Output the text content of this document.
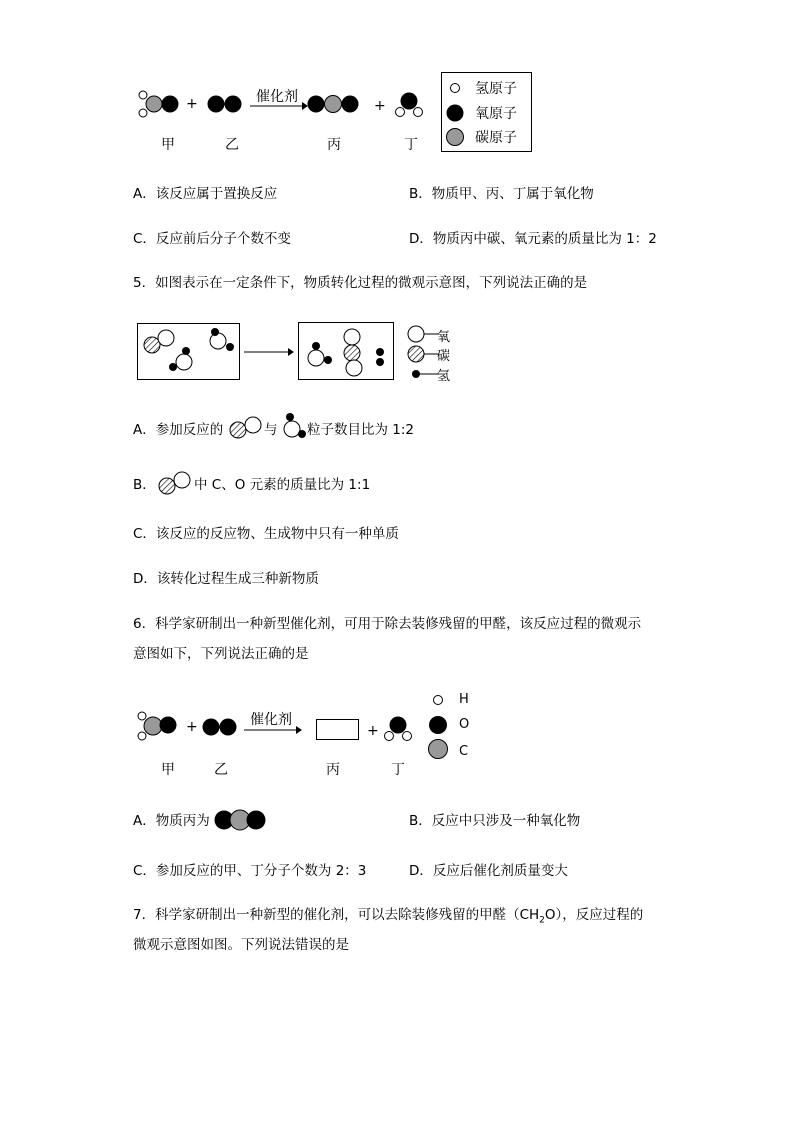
+	催化剂
+
甲	乙	丙	丁
氢原子
氧原子
碳原子
A．该反应属于置换反应	B．物质甲、丙、丁属于氧化物
C．反应前后分子个数不变	D．物质丙中碳、氧元素的质量比为 1：2
5．如图表示在一定条件下，物质转化过程的微观示意图，下列说法正确的是
氧
碳
氢
A．参加反应的	与 粒子数目比为 1:2
B．	中 C、O 元素的质量比为 1:1
C．该反应的反应物、生成物中只有一种单质
D．该转化过程生成三种新物质
6．科学家研制出一种新型催化剂，可用于除去装修残留的甲醛，该反应过程的微观示
意图如下，下列说法正确的是
+	催化剂
+
甲	乙	丙	丁
H
O
C
A．物质丙为	B．反应中只涉及一种氧化物
C．参加反应的甲、丁分子个数为 2：3	D．反应后催化剂质量变大
7．科学家研制出一种新型的催化剂，可以去除装修残留的甲醛$(CH_2O)$，反应过程的
微观示意图如图。下列说法错误的是
